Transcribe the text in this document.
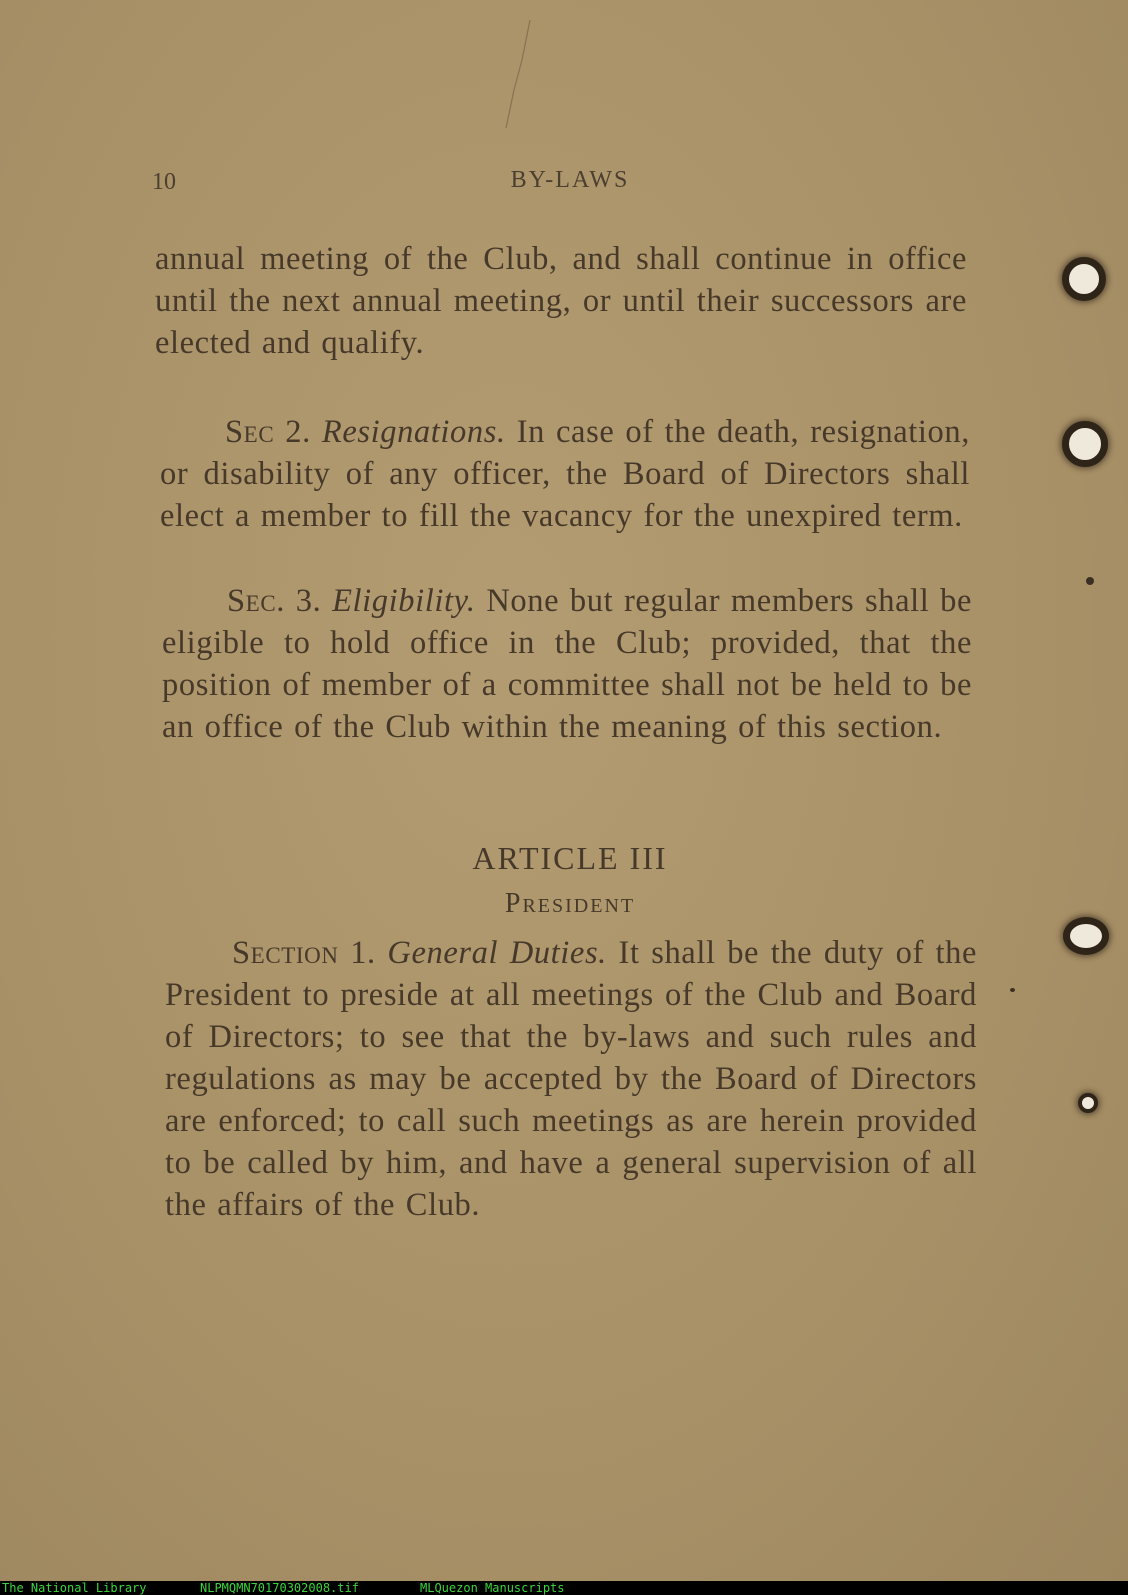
10	BY-LAWS

annual meeting of the Club, and shall continue in office until the next annual meeting, or until their successors are elected and qualify.

Sec 2. Resignations. In case of the death, resignation, or disability of any officer, the Board of Directors shall elect a member to fill the vacancy for the unexpired term.

Sec. 3. Eligibility. None but regular members shall be eligible to hold office in the Club; provided, that the position of member of a committee shall not be held to be an office of the Club within the meaning of this section.

ARTICLE III
President

Section 1. General Duties. It shall be the duty of the President to preside at all meetings of the Club and Board of Directors; to see that the by-laws and such rules and regulations as may be accepted by the Board of Directors are enforced; to call such meetings as are herein provided to be called by him, and have a general supervision of all the affairs of the Club.

The National Library

	NLPMQMN70170302008.tif

	MLQuezon Manuscripts
